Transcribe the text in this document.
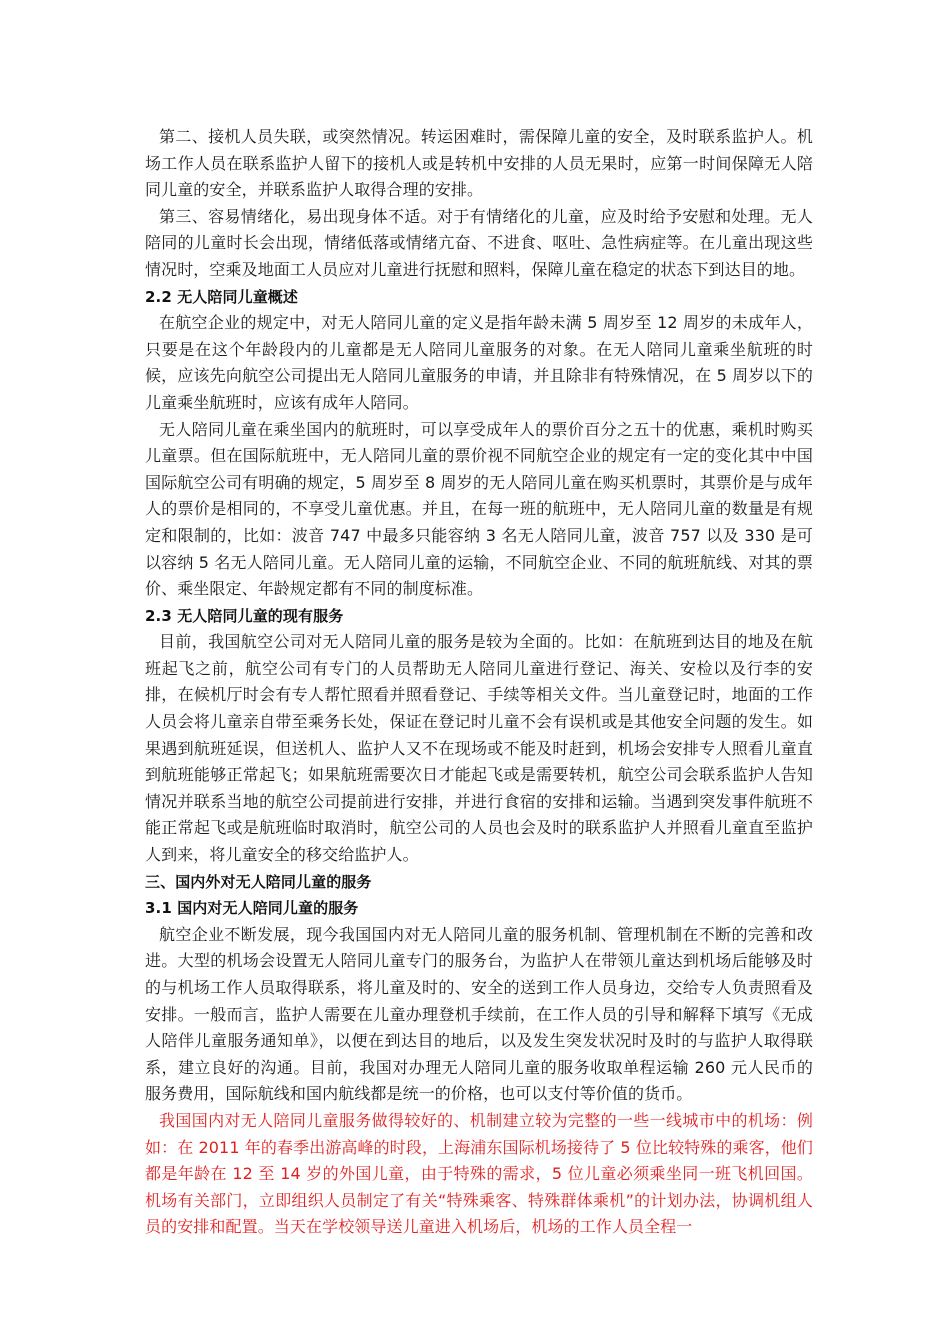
第二、接机人员失联，或突然情况。转运困难时，需保障儿童的安全，及时联系监护人。机场工作人员在联系监护人留下的接机人或是转机中安排的人员无果时，应第一时间保障无人陪同儿童的安全，并联系监护人取得合理的安排。

第三、容易情绪化，易出现身体不适。对于有情绪化的儿童，应及时给予安慰和处理。无人陪同的儿童时长会出现，情绪低落或情绪亢奋、不进食、呕吐、急性病症等。在儿童出现这些情况时，空乘及地面工人员应对儿童进行抚慰和照料，保障儿童在稳定的状态下到达目的地。

2.2 无人陪同儿童概述

在航空企业的规定中，对无人陪同儿童的定义是指年龄未满 5 周岁至 12 周岁的未成年人，只要是在这个年龄段内的儿童都是无人陪同儿童服务的对象。在无人陪同儿童乘坐航班的时候，应该先向航空公司提出无人陪同儿童服务的申请，并且除非有特殊情况，在 5 周岁以下的儿童乘坐航班时，应该有成年人陪同。

无人陪同儿童在乘坐国内的航班时，可以享受成年人的票价百分之五十的优惠，乘机时购买儿童票。但在国际航班中，无人陪同儿童的票价视不同航空企业的规定有一定的变化其中中国国际航空公司有明确的规定，5 周岁至 8 周岁的无人陪同儿童在购买机票时，其票价是与成年人的票价是相同的，不享受儿童优惠。并且，在每一班的航班中，无人陪同儿童的数量是有规定和限制的，比如：波音 747 中最多只能容纳 3 名无人陪同儿童，波音 757 以及 330 是可以容纳 5 名无人陪同儿童。无人陪同儿童的运输，不同航空企业、不同的航班航线、对其的票价、乘坐限定、年龄规定都有不同的制度标准。

2.3 无人陪同儿童的现有服务

目前，我国航空公司对无人陪同儿童的服务是较为全面的。比如：在航班到达目的地及在航班起飞之前，航空公司有专门的人员帮助无人陪同儿童进行登记、海关、安检以及行李的安排，在候机厅时会有专人帮忙照看并照看登记、手续等相关文件。当儿童登记时，地面的工作人员会将儿童亲自带至乘务长处，保证在登记时儿童不会有误机或是其他安全问题的发生。如果遇到航班延误，但送机人、监护人又不在现场或不能及时赶到，机场会安排专人照看儿童直到航班能够正常起飞；如果航班需要次日才能起飞或是需要转机，航空公司会联系监护人告知情况并联系当地的航空公司提前进行安排，并进行食宿的安排和运输。当遇到突发事件航班不能正常起飞或是航班临时取消时，航空公司的人员也会及时的联系监护人并照看儿童直至监护人到来，将儿童安全的移交给监护人。

三、国内外对无人陪同儿童的服务
3.1 国内对无人陪同儿童的服务

航空企业不断发展，现今我国国内对无人陪同儿童的服务机制、管理机制在不断的完善和改进。大型的机场会设置无人陪同儿童专门的服务台，为监护人在带领儿童达到机场后能够及时的与机场工作人员取得联系，将儿童及时的、安全的送到工作人员身边，交给专人负责照看及安排。一般而言，监护人需要在儿童办理登机手续前，在工作人员的引导和解释下填写《无成人陪伴儿童服务通知单》，以便在到达目的地后，以及发生突发状况时及时的与监护人取得联系，建立良好的沟通。目前，我国对办理无人陪同儿童的服务收取单程运输 260 元人民币的服务费用，国际航线和国内航线都是统一的价格，也可以支付等价值的货币。

我国国内对无人陪同儿童服务做得较好的、机制建立较为完整的一些一线城市中的机场：例如：在 2011 年的春季出游高峰的时段，上海浦东国际机场接待了 5 位比较特殊的乘客，他们都是年龄在 12 至 14 岁的外国儿童，由于特殊的需求，5 位儿童必须乘坐同一班飞机回国。机场有关部门，立即组织人员制定了有关“特殊乘客、特殊群体乘机”的计划办法，协调机组人员的安排和配置。当天在学校领导送儿童进入机场后，机场的工作人员全程一
